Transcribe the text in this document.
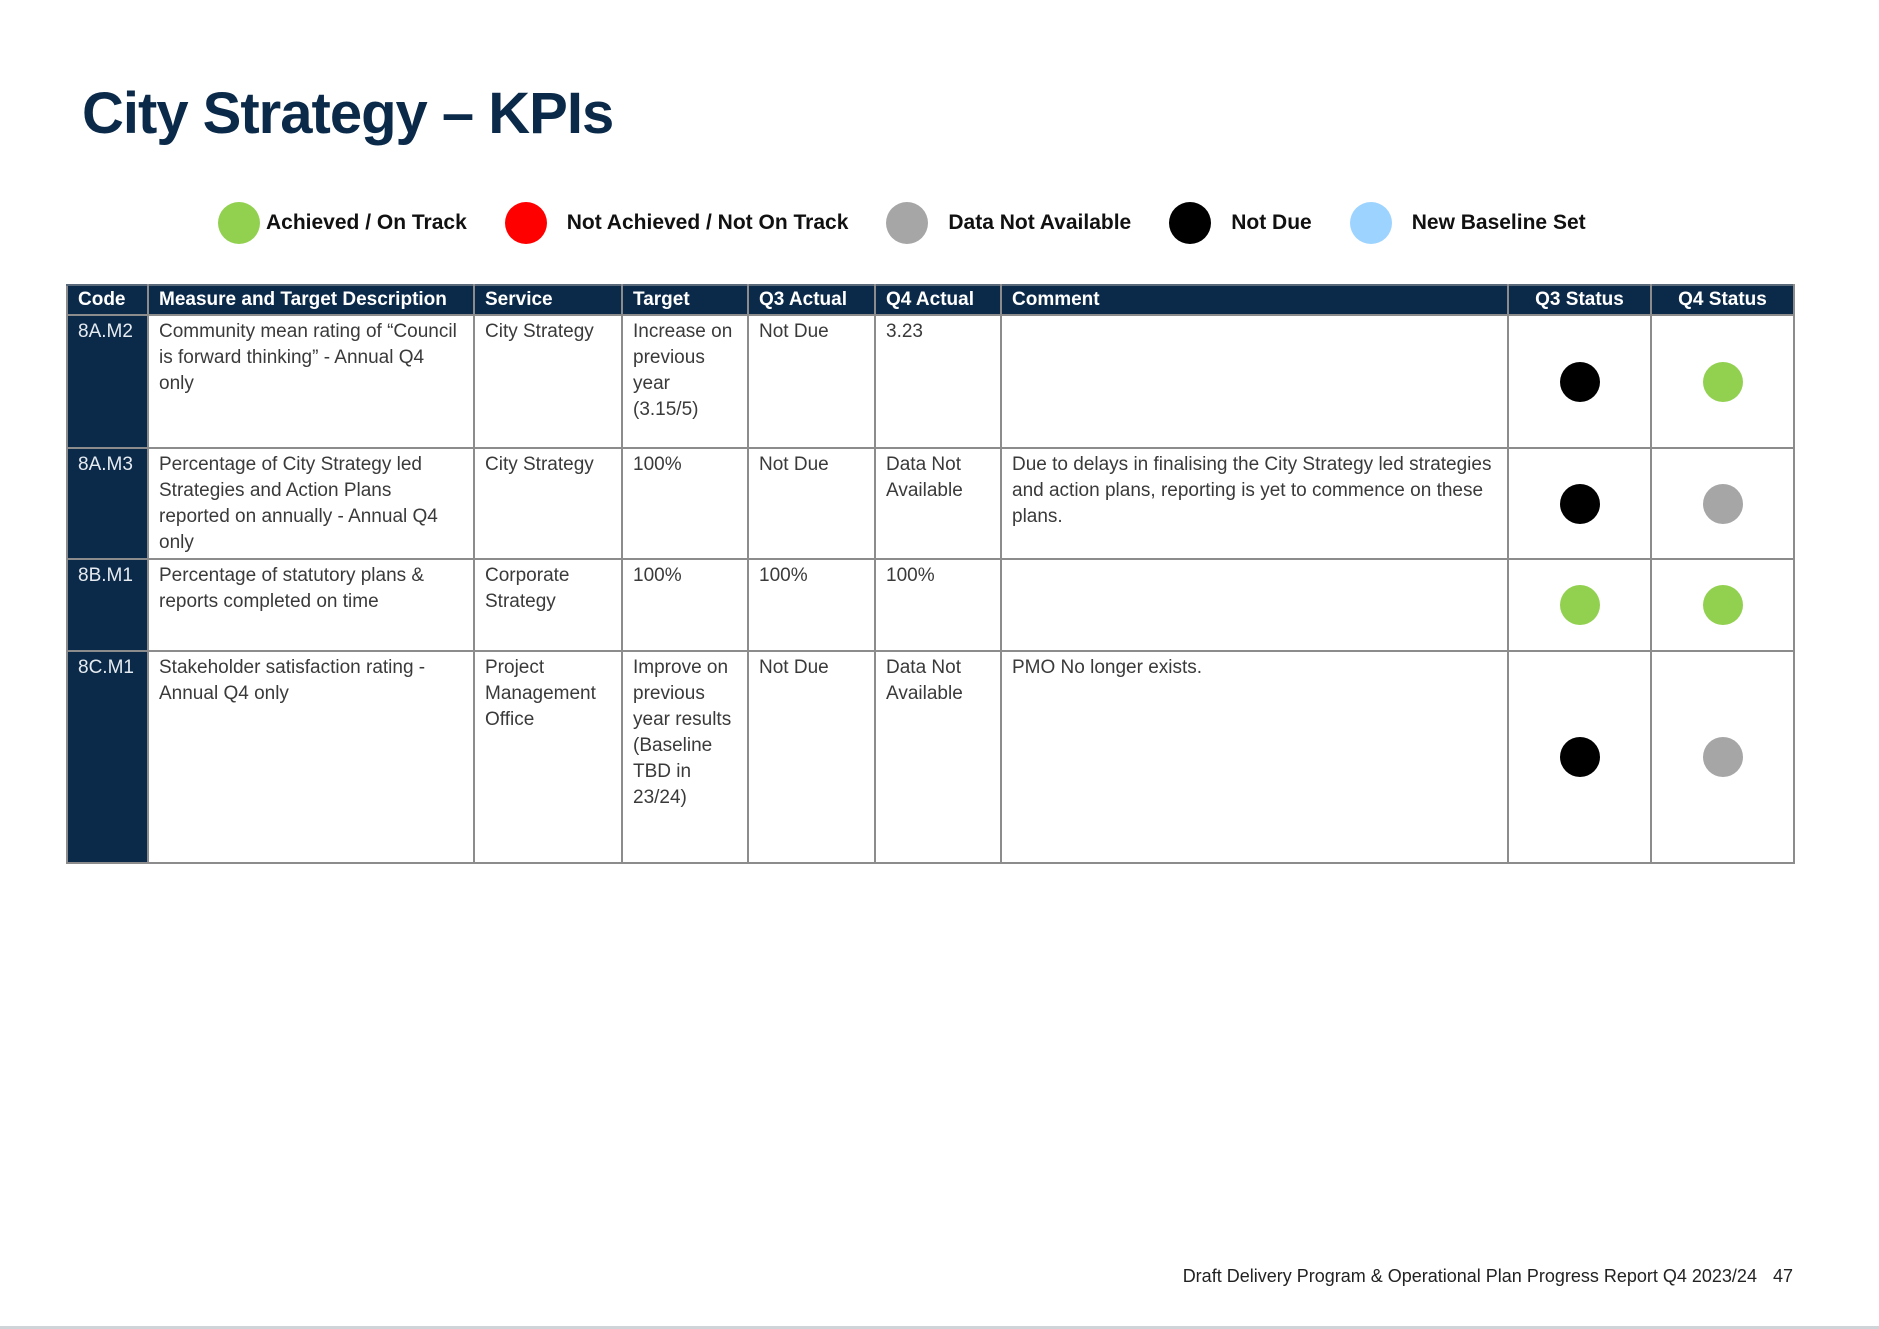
City Strategy – KPIs
Achieved / On Track	Not Achieved / Not On Track	Data Not Available	Not Due	New Baseline Set
Code	Measure and Target Description	Service	Target	Q3 Actual	Q4 Actual	Comment	Q3 Status	Q4 Status
8A.M2	Community mean rating of “Council is forward thinking” - Annual Q4 only	City Strategy	Increase on previous year (3.15/5)	Not Due	3.23			
8A.M3	Percentage of City Strategy led Strategies and Action Plans reported on annually - Annual Q4 only	City Strategy	100%	Not Due	Data Not Available	Due to delays in finalising the City Strategy led strategies and action plans, reporting is yet to commence on these plans.		
8B.M1	Percentage of statutory plans & reports completed on time	Corporate Strategy	100%	100%	100%			
8C.M1	Stakeholder satisfaction rating - Annual Q4 only	Project Management Office	Improve on previous year results (Baseline TBD in 23/24)	Not Due	Data Not Available	PMO No longer exists.		
Draft Delivery Program & Operational Plan Progress Report Q4 2023/24 47
